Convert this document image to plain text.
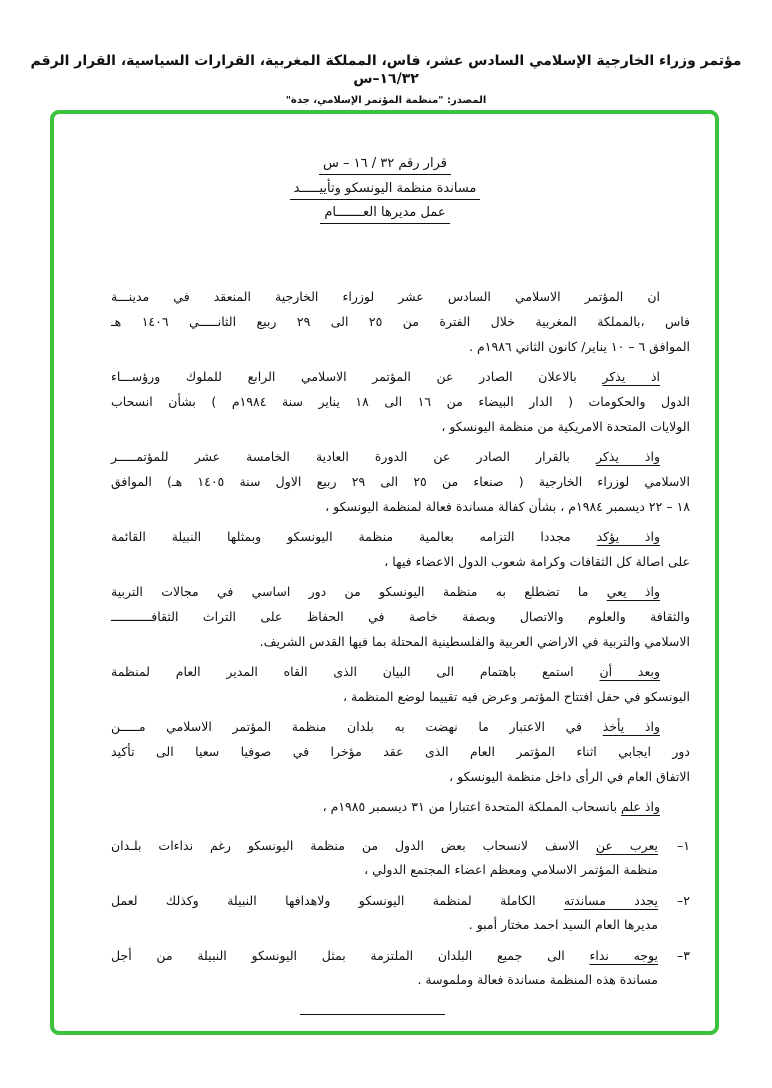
مؤتمر وزراء الخارجية الإسلامي السادس عشر، فاس، المملكة المغربية، القرارات السياسية، القرار الرقم ١٦/٣٢–س
المصدر: "منظمة المؤتمر الإسلامي، جدة"
قرار رقم ٣٢ / ١٦ – س
مساندة منظمة اليونسكو وتأييـــــد
عمل مديرها العـــــــام
ان المؤتمر الاسلامي السادس عشر لوزراء الخارجية المنعقد في مدينـــة
فاس ،بالمملكة المغربية خلال الفترة من ٢٥ الى ٢٩ ربيع الثانـــــي ١٤٠٦ هـ
الموافق ٦ – ١٠ يناير/ كانون الثاني ١٩٨٦م .
اذ يذكر بالاعلان الصادر عن المؤتمر الاسلامي الرابع للملوك ورؤســـاء
الدول والحكومات ( الدار البيضاء من ١٦ الى ١٨ يناير سنة ١٩٨٤م ) بشأن انسحاب
الولايات المتحدة الامريكية من منظمة اليونسكو ،
واذ يذكر بالقرار الصادر عن الدورة العادية الخامسة عشر للمؤتمـــــر
الاسلامي لوزراء الخارجية ( صنعاء من ٢٥ الى ٢٩ ربيع الاول سنة ١٤٠٥ هـ) الموافق
١٨ – ٢٢ ديسمبر ١٩٨٤م ، بشأن كفالة مساندة فعالة لمنظمة اليونسكو ،
واذ يؤكد مجددا التزامه بعالمية منظمة اليونسكو وبمثلها النبيلة القائمة
على اصالة كل الثقافات وكرامة شعوب الدول الاعضاء فيها ،
واذ يعي ما تضطلع به منظمة اليونسكو من دور اساسي في مجالات التربية
والثقافة والعلوم والاتصال وبصفة خاصة في الحفاظ على التراث الثقافـــــــــــ
الاسلامي والتربية في الاراضي العربية والفلسطينية المحتلة بما فيها القدس الشريف.
وبعد أن استمع باهتمام الى البيان الذى القاه المدير العام لمنظمة
اليونسكو في حفل افتتاح المؤتمر وعرض فيه تقييما لوضع المنظمة ،
واذ يأخذ في الاعتبار ما نهضت به بلدان منظمة المؤتمر الاسلامي مـــــن
دور ايجابي اثناء المؤتمر العام الذى عقد مؤخرا في صوفيا سعيا الى تأكيد
الاتفاق العام في الرأى داخل منظمة اليونسكو ،
واذ علم بانسحاب المملكة المتحدة اعتبارا من ٣١ ديسمبر ١٩٨٥م ،
١–
يعرب عن الاسف لانسحاب بعض الدول من منظمة اليونسكو رغم نداءات بلـدان
منظمة المؤتمر الاسلامي ومعظم اعضاء المجتمع الدولي ،
٢–
يجدد مساندته الكاملة لمنظمة اليونسكو ولاهدافها النبيلة وكذلك لعمل
مديرها العام السيد احمد مختار أمبو .
٣–
يوجه نداء الى جميع البلدان الملتزمة بمثل اليونسكو النبيلة من أجل
مساندة هذه المنظمة مساندة فعالة وملموسة .
